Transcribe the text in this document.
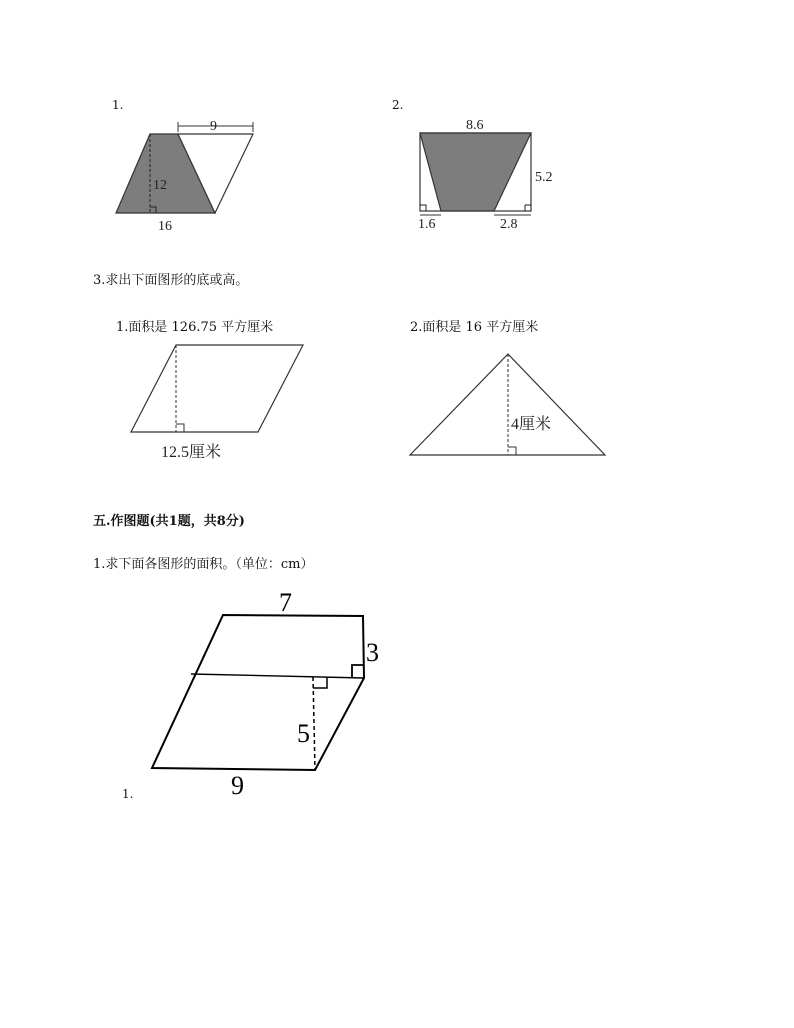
1.
9
12
16
2.
8.6
5.2
1.6	2.8
3.求出下面图形的底或高。
1.面积是 126.75 平方厘米	2.面积是 16 平方厘米
12.5厘米
4厘米
五.作图题(共1题，共8分)
1.求下面各图形的面积。（单位：cm）
7
3
5
9
1.
